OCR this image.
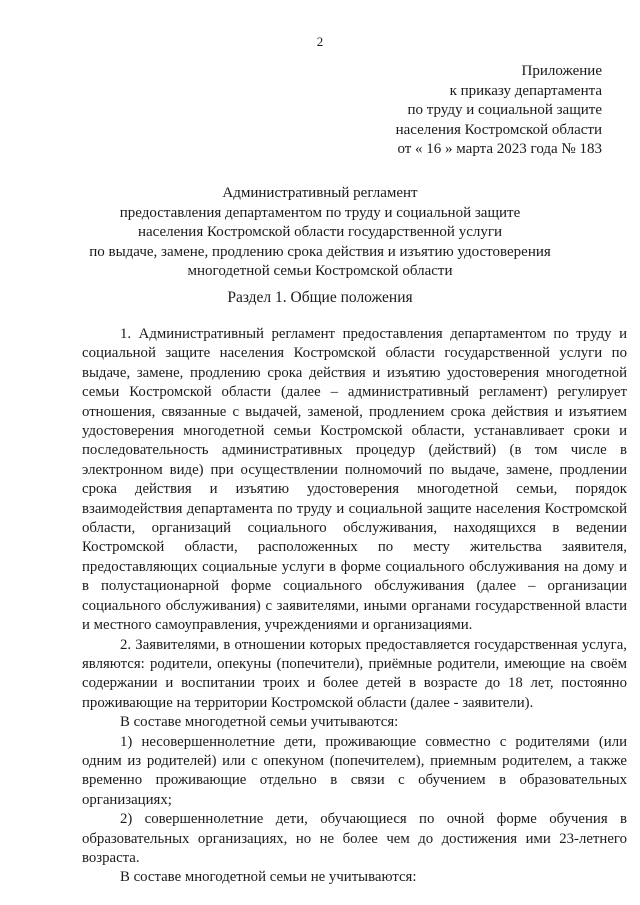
2
Приложение
к приказу департамента
по труду и социальной защите
населения Костромской области
от « 16 » марта 2023 года № 183
Административный регламент
предоставления департаментом по труду и социальной защите
населения Костромской области государственной услуги
по выдаче, замене, продлению срока действия и изъятию удостоверения
многодетной семьи Костромской области
Раздел 1. Общие положения

1. Административный регламент предоставления департаментом по труду и социальной защите населения Костромской области государственной услуги по выдаче, замене, продлению срока действия и изъятию удостоверения многодетной семьи Костромской области (далее – административный регламент) регулирует отношения, связанные с выдачей, заменой, продлением срока действия и изъятием удостоверения многодетной семьи Костромской области, устанавливает сроки и последовательность административных процедур (действий) (в том числе в электронном виде) при осуществлении полномочий по выдаче, замене, продлении срока действия и изъятию удостоверения многодетной семьи, порядок взаимодействия департамента по труду и социальной защите населения Костромской области, организаций социального обслуживания, находящихся в ведении Костромской области, расположенных по месту жительства заявителя, предоставляющих социальные услуги в форме социального обслуживания на дому и в полустационарной форме социального обслуживания (далее – организации социального обслуживания) с заявителями, иными органами государственной власти и местного самоуправления, учреждениями и организациями.

2. Заявителями, в отношении которых предоставляется государственная услуга, являются: родители, опекуны (попечители), приёмные родители, имеющие на своём содержании и воспитании троих и более детей в возрасте до 18 лет, постоянно проживающие на территории Костромской области (далее - заявители).

В составе многодетной семьи учитываются:

1) несовершеннолетние дети, проживающие совместно с родителями (или одним из родителей) или с опекуном (попечителем), приемным родителем, а также временно проживающие отдельно в связи с обучением в образовательных организациях;

2) совершеннолетние дети, обучающиеся по очной форме обучения в образовательных организациях, но не более чем до достижения ими 23-летнего возраста.

В составе многодетной семьи не учитываются:
